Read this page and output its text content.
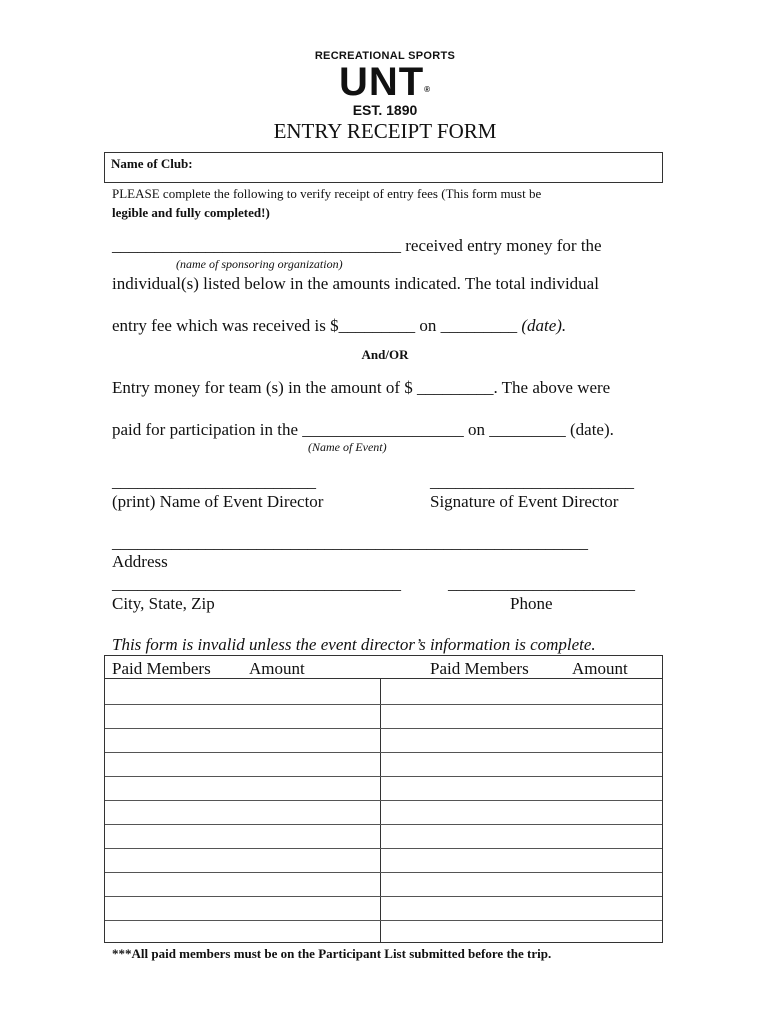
RECREATIONAL SPORTS
UNT®
EST. 1890
ENTRY RECEIPT FORM
Name of Club:
PLEASE complete the following to verify receipt of entry fees (This form must be
legible and fully completed!)
__________________________________ received entry money for the
(name of sponsoring organization)
individual(s) listed below in the amounts indicated. The total individual
entry fee which was received is $_________ on _________ (date).
And/OR
Entry money for team (s) in the amount of $ _________. The above were
paid for participation in the ___________________ on _________ (date).
(Name of Event)
________________________	________________________
(print) Name of Event Director	Signature of Event Director
________________________________________________________
Address
__________________________________	______________________
City, State, Zip	Phone
This form is invalid unless the event director’s information is complete.
Paid Members Amount	Paid Members	Amount
***All paid members must be on the Participant List submitted before the trip.
